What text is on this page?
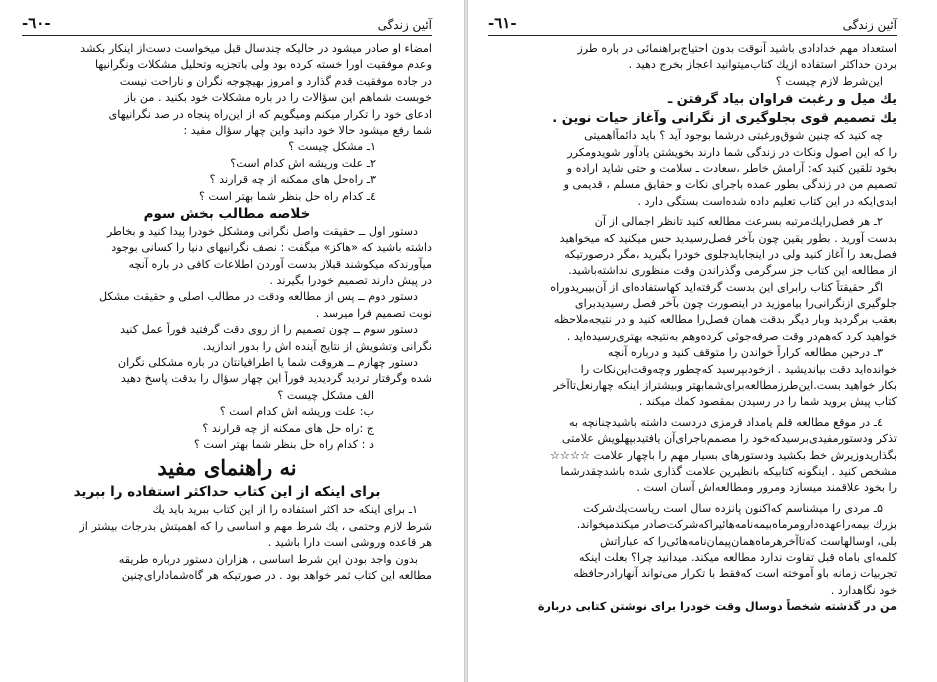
آئین زندگی
-٦٠-
امضاء او صادر میشود در حالیکه چندسال قبل میخواست دست‌از اینکار بکشد
وعدم موفقیت اورا خسته کرده بود ولی باتجزیه وتحلیل مشکلات ونگرانیها
در جاده موفقیت قدم گذارد و امروز بهیچوجه نگران و ناراحت نیست
خوبست شماهم این سؤالات را در باره مشکلات خود بکنید . من باز
ادعای خود را تکرار میکنم ومیگویم که از این‌راه پنجاه در صد نگرانیهای
شما رفع میشود حالا خود دانید واین چهار سؤال مفید :
۱ـ مشکل چیست ؟
۲ـ علت وریشه اش کدام است؟
۳ـ راه‌حل های ممکنه از چه قرارند ؟
٤ـ کدام راه حل بنظر شما بهتر است ؟
خلاصه مطالب بخش سوم
دستور اول ــ حقیقت واصل نگرانی ومشکل خودرا پیدا کنید و بخاطر
داشته باشید که «هاکز» میگفت : نصف نگرانیهای دنیا را کسانی بوجود
میآورندکه میکوشند قبلاز بدست آوردن اطلاعات کافی در باره آنچه
در پیش دارند تصمیم خودرا بگیرند .
دستور دوم ــ پس از مطالعه ودقت در مطالب اصلی و حقیقت مشکل
نوبت تصمیم فرا میرسد .
دستور سوم ــ چون تصمیم را از روی دقت گرفتید فوراً عمل کنید
نگرانی وتشویش از نتایج آینده اش را بدور اندازید.
دستور چهارم ــ هروقت شما یا اطرافیانتان در باره مشکلی نگران
شده وگرفتار تردید گردیدید فوراً این چهار سؤال را بدقت پاسخ دهید
الف مشکل چیست ؟
ب: علت وریشه اش کدام است ؟
ج :راه حل های ممکنه از چه قرارند ؟
د : کدام راه حل بنظر شما بهتر است ؟
نه راهنمای مفید
برای اینکه از این کتاب حداکثر استفاده را ببرید
۱ـ برای اینکه حد اکثر استفاده را از این کتاب ببرید باید یك
شرط لازم وحتمی ، یك شرط مهم و اساسی را که اهمیتش بدرجات بیشتر از
هر قاعده وروشی است دارا باشید .
بدون واجد بودن این شرط اساسی ، هزاران دستور درباره طریقه
مطالعه این کتاب ثمر خواهد بود . در صورتیکه هر گاه‌شمادارای‌چنین
آئین زندگی
-٦١-
استعداد مهم خدادادی باشید آنوقت بدون احتیاج‌براهنمائی در باره طرز
بردن حداکثر استفاده ازیك کتاب‌میتوانید اعجاز بخرج دهید .
این‌شرط لازم چیست ؟
یك میل و رغبت فراوان بیاد گرفتن ـ
یك تصمیم قوی بجلوگیری از نگرانی وآغاز حیات نوین .
چه کنید که چنین شوق‌ورغبتی درشما بوجود آید ؟ باید دائماً‌اهمیتی
را که این اصول ونکات در زندگی شما دارند بخویشتن یادآور شویدومکرر
بخود تلقین کنید که: آرامش خاطر ،سعادت ـ سلامت و حتی شاید اراده و
تصمیم من در زندگی بطور عمده باجرای نکات و حقایق مسلم ، قدیمی و
ابدی‌ایکه در این کتاب تعلیم داده شده‌است بستگی دارد .
۲ـ هر فصل‌رایك‌مرتبه بسرعت مطالعه کنید تانظر اجمالی از آن
بدست آورید . بطور یقین چون بآخر فصل‌رسیدید حس میکنید که میخواهید
فصل‌بعد را آغاز کنید ولی در اینجابایدجلوی خودرا بگیرید ،مگر درصورتیکه
از مطالعه این کتاب جز سرگرمی وگذراندن وقت منظوری نداشته‌باشید.
اگر حقیقتاً کتاب رابرای این بدست گرفته‌اید کهاستفاده‌ای از آن‌بیبرید‌وراه
جلوگیری ازنگرانی‌را بیاموزید در اینصورت چون بآخر فصل رسیدیدبرای
بعقب برگردید وبار دیگر بدقت همان فصل‌را مطالعه کنید و در نتیجه‌ملاحظه
خواهید کرد که‌هم‌در وقت صرفه‌جوئی کرده‌وهم به‌نتیجه بهتری‌رسیده‌اید .
۳ـ درحین مطالعه کراراً خواندن را متوقف کنید و درباره آنچه
خوانده‌اید دقت بیاندیشید . ازخود‌بپرسید که‌چطور وچه‌وقت‌این‌نکات را
بکار خواهید بست.این‌طرز‌مطالعه‌برای‌شمابهتر وبیشتراز اینکه چهارنعل‌تاآخر
کتاب پیش بروید شما را در رسیدن بمقصود کمك میکند .
٤ـ در موقع مطالعه قلم یامداد قرمزی دردست داشته باشیدچنانچه به
تذکر ودستورمفیدی‌برسیدکه‌خود را مصمم‌باجرای‌آن یافتیدبپهلویش علامتی
بگذاریدوزیرش خط بکشید ودستورهای بسیار مهم را باچهار علامت ☆☆☆☆
مشخص کنید . اینگونه کتابیکه بانظیرین علامت گذاری شده باشدچقدرشما
را بخود علاقمند میسازد ومرور ومطالعه‌اش آسان است .
۵ـ مردی را میشناسم که‌اکنون پانزده سال است ریاست‌یك‌شرکت
بزرك بیمه‌را‌عهده‌دار‌ومرماه‌بیمه‌نامه‌هائیرا‌که‌شرکت‌صادر میکندمیخواند.
بلی، اوسالهاست که‌تاآخر‌هرماه‌همان‌پیمان‌نامه‌هائی‌را که عباراتش
کلمه‌ای باماه قبل تفاوت ندارد مطالعه میکند. میدانید چرا؟ بعلت اینکه
تجربیات زمانه باو آموخته است که‌فقط با تکرار می‌تواند آنهارادرحافظه
خود نگاهدارد .
من در گذشته شخصاً دوسال وقت خودرا برای نوشتن کتابی دربارة
